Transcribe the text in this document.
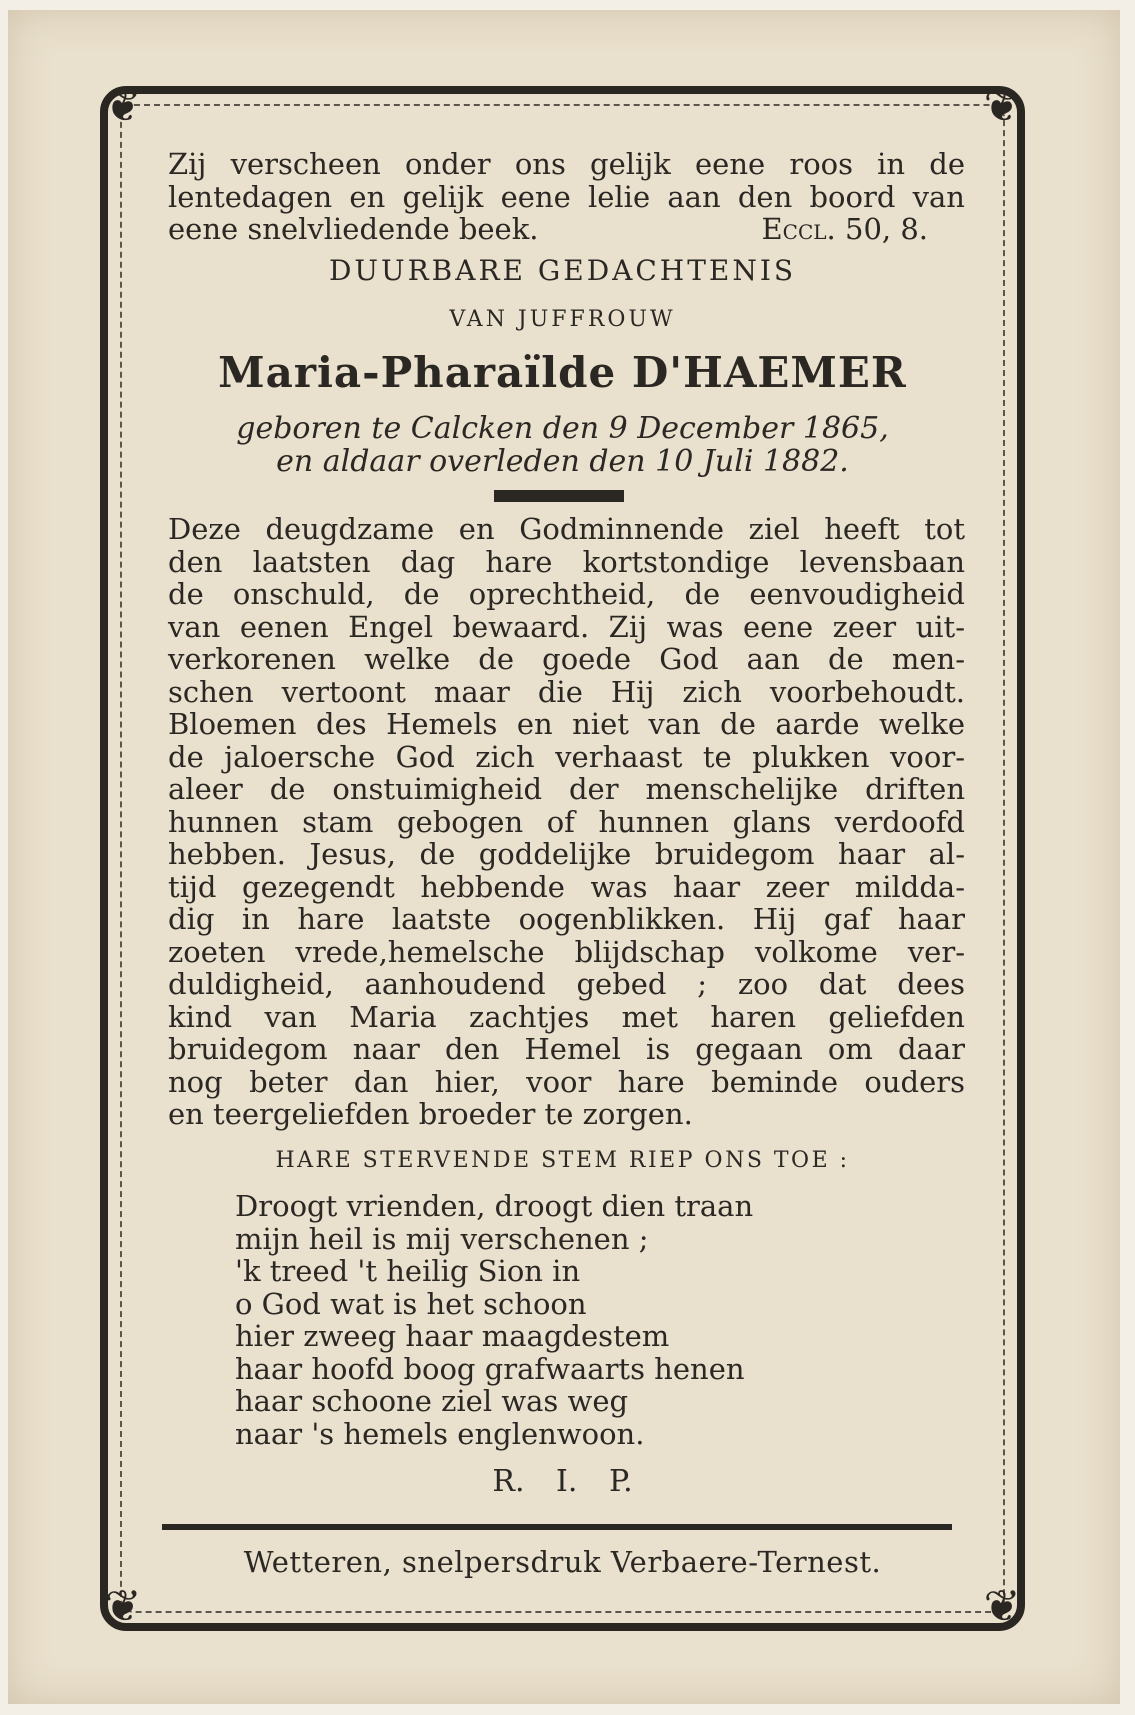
❦	❦
❦	❦
Zij verscheen onder ons gelijk eene roos in de
lentedagen en gelijk eene lelie aan den boord van
eene snelvliedende beek.	Eccl. 50, 8.
DUURBARE GEDACHTENIS
VAN JUFFROUW
Maria-Pharaïlde D'HAEMER
geboren te Calcken den 9 December 1865,
en aldaar overleden den 10 Juli 1882.
Deze deugdzame en Godminnende ziel heeft tot
den laatsten dag hare kortstondige levensbaan
de onschuld, de oprechtheid, de eenvoudigheid
van eenen Engel bewaard. Zij was eene zeer uit-
verkorenen welke de goede God aan de men-
schen vertoont maar die Hij zich voorbehoudt.
Bloemen des Hemels en niet van de aarde welke
de jaloersche God zich verhaast te plukken voor-
aleer de onstuimigheid der menschelijke driften
hunnen stam gebogen of hunnen glans verdoofd
hebben. Jesus, de goddelijke bruidegom haar al-
tijd gezegendt hebbende was haar zeer mildda-
dig in hare laatste oogenblikken. Hij gaf haar
zoeten vrede,hemelsche blijdschap volkome ver-
duldigheid, aanhoudend gebed ; zoo dat dees
kind van Maria zachtjes met haren geliefden
bruidegom naar den Hemel is gegaan om daar
nog beter dan hier, voor hare beminde ouders
en teergeliefden broeder te zorgen.
HARE STERVENDE STEM RIEP ONS TOE :
Droogt vrienden, droogt dien traan
mijn heil is mij verschenen ;
'k treed 't heilig Sion in
o God wat is het schoon
hier zweeg haar maagdestem
haar hoofd boog grafwaarts henen
haar schoone ziel was weg
naar 's hemels englenwoon.
R. I. P.
Wetteren, snelpersdruk Verbaere-Ternest.
